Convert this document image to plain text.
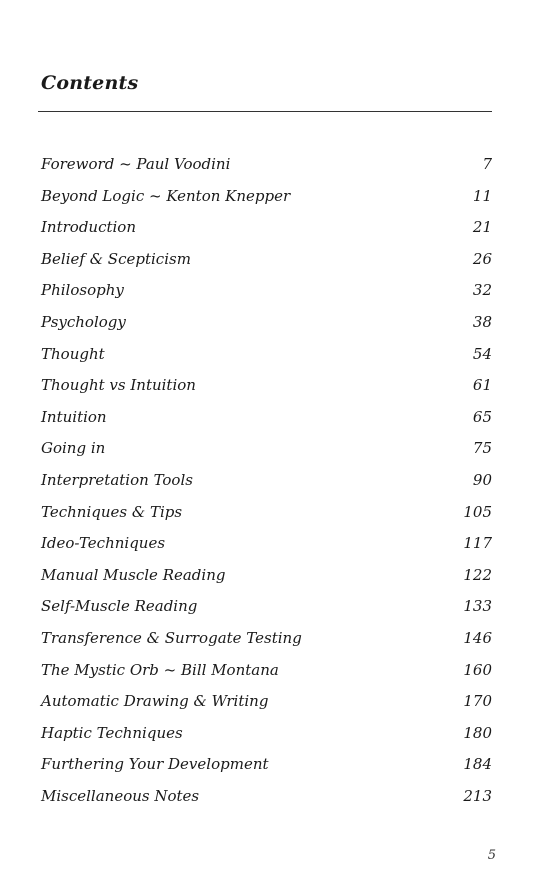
Contents
Foreword ~ Paul Voodini	7
Beyond Logic ~ Kenton Knepper	11
Introduction	21
Belief & Scepticism	26
Philosophy	32
Psychology	38
Thought	54
Thought vs Intuition	61
Intuition	65
Going in	75
Interpretation Tools	90
Techniques & Tips	105
Ideo-Techniques	117
Manual Muscle Reading	122
Self-Muscle Reading	133
Transference & Surrogate Testing	146
The Mystic Orb ~ Bill Montana	160
Automatic Drawing & Writing	170
Haptic Techniques	180
Furthering Your Development	184
Miscellaneous Notes	213
5
